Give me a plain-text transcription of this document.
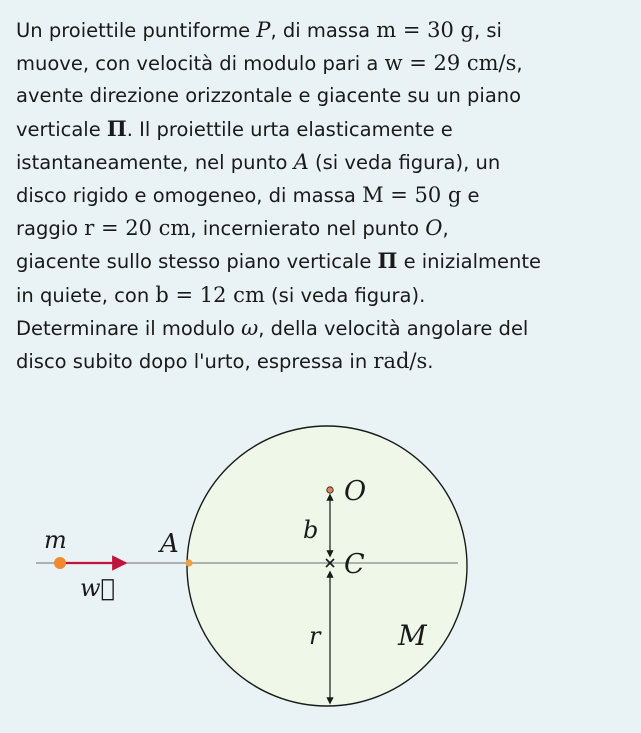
Un proiettile puntiforme P, di massa m = 30 g, si
muove, con velocità di modulo pari a w = 29 cm/s,
avente direzione orizzontale e giacente su un piano
verticale Π. Il proiettile urta elasticamente e
istantaneamente, nel punto A (si veda figura), un
disco rigido e omogeneo, di massa M = 50 g e
raggio r = 20 cm, incernierato nel punto O,
giacente sullo stesso piano verticale Π e inizialmente
in quiete, con b = 12 cm (si veda figura).
Determinare il modulo ω, della velocità angolare del
disco subito dopo l'urto, espressa in rad/s.
O
b
C
r	M
m	A
w⃗
